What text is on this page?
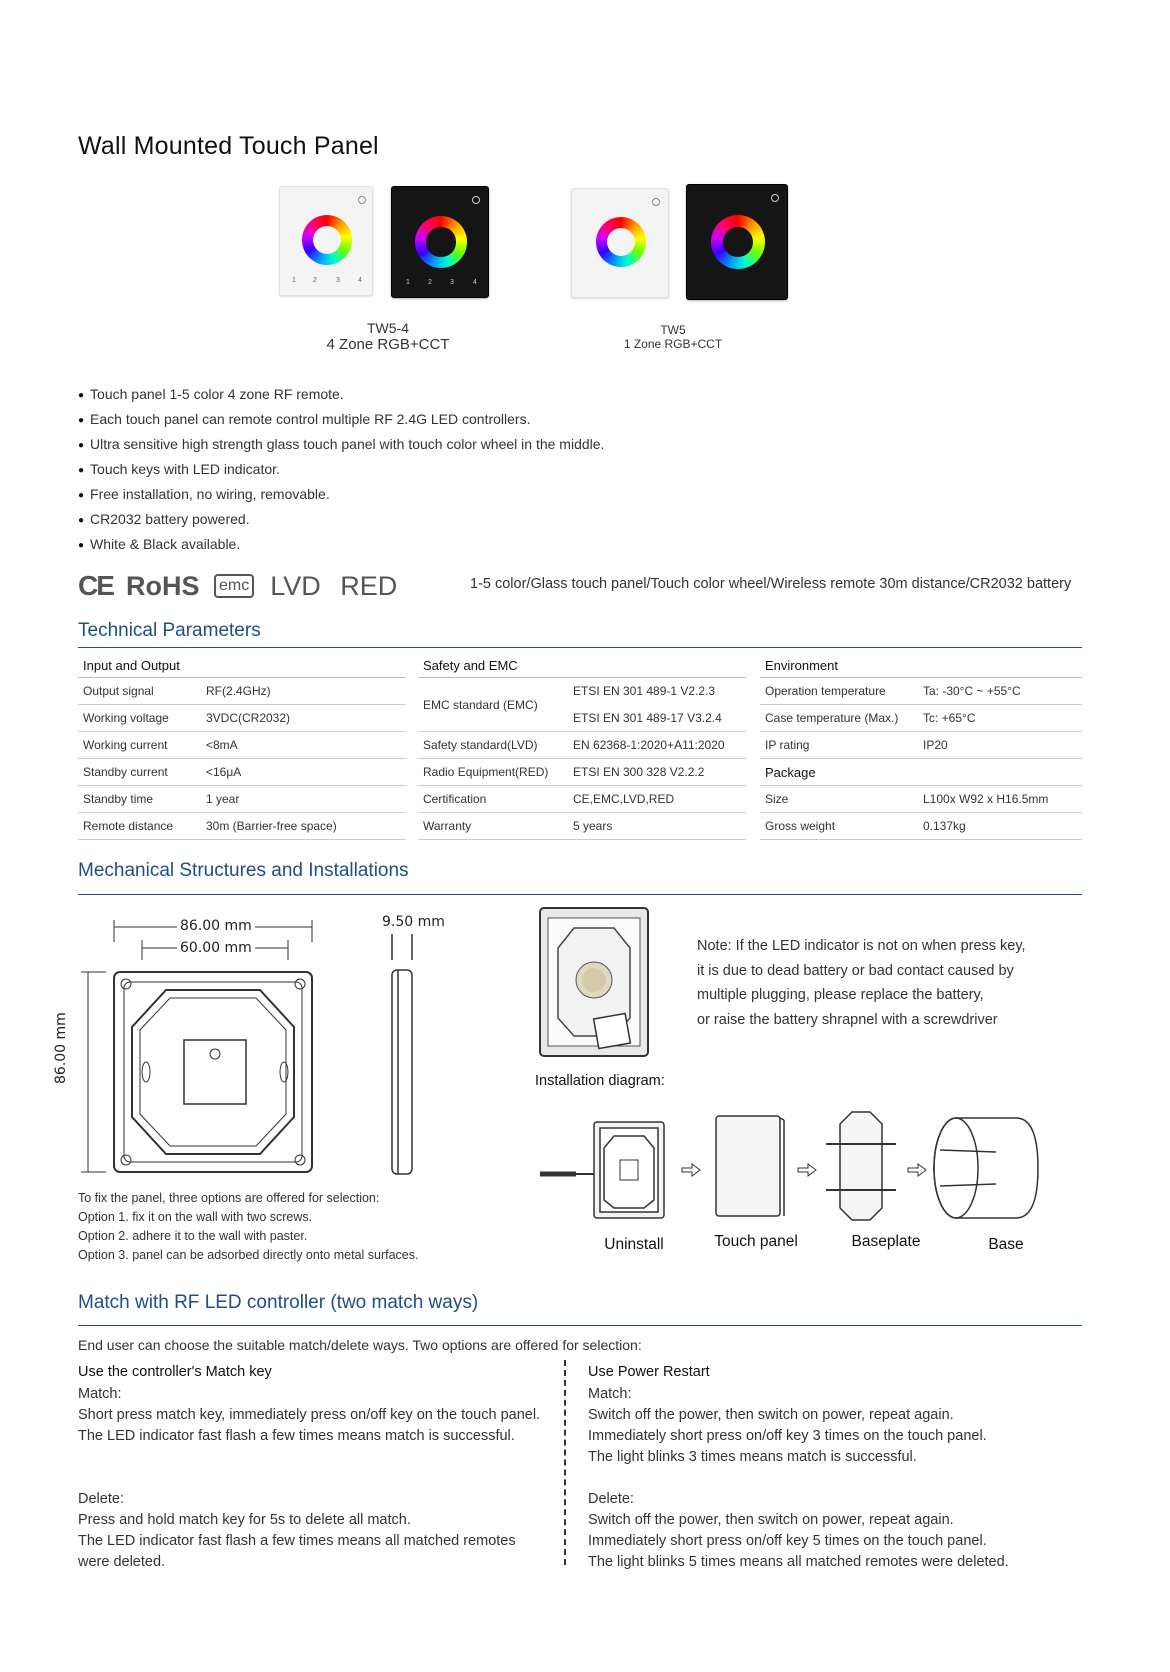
Wall Mounted Touch Panel
1 2	3	4	1	2	3	4
TW5-4
4 Zone RGB+CCT
TW5
1 Zone RGB+CCT
● Touch panel 1-5 color 4 zone RF remote.
● Each touch panel can remote control multiple RF 2.4G LED controllers.
● Ultra sensitive high strength glass touch panel with touch color wheel in the middle.
● Touch keys with LED indicator.
● Free installation, no wiring, removable.
● CR2032 battery powered.
● White & Black available.
CE RoHS	emc LVD RED	1-5 color/Glass touch panel/Touch color wheel/Wireless remote 30m distance/CR2032 battery
Technical Parameters
Input and Output
Output signal	RF(2.4GHz)
Working voltage	3VDC(CR2032)
Working current	<8mA
Standby current	<16μA
Standby time	1 year
Remote distance	30m (Barrier-free space)
Safety and EMC
EMC standard (EMC)
ETSI EN 301 489-1 V2.2.3
ETSI EN 301 489-17 V3.2.4
Safety standard(LVD)	EN 62368-1:2020+A11:2020
Radio Equipment(RED)	ETSI EN 300 328 V2.2.2
Certification	CE,EMC,LVD,RED
Warranty	5 years
Environment
Operation temperature	Ta: -30°C ~ +55°C
Case temperature (Max.)	Tc: +65°C
IP rating	IP20
Package
Size	L100x W92 x H16.5mm
Gross weight	0.137kg
Mechanical Structures and Installations
86.00 mm
60.00 mm
86.00 mm
9.50 mm
Note: If the LED indicator is not on when press key,
it is due to dead battery or bad contact caused by
multiple plugging, please replace the battery,
or raise the battery shrapnel with a screwdriver
Installation diagram:
Uninstall	Touch panel	Baseplate	Base
To fix the panel, three options are offered for selection:
Option 1. fix it on the wall with two screws.
Option 2. adhere it to the wall with paster.
Option 3. panel can be adsorbed directly onto metal surfaces.
Match with RF LED controller (two match ways)
End user can choose the suitable match/delete ways. Two options are offered for selection:
Use the controller's Match key
Match:
Short press match key, immediately press on/off key on the touch panel.
The LED indicator fast flash a few times means match is successful.
Delete:
Press and hold match key for 5s to delete all match.
The LED indicator fast flash a few times means all matched remotes
were deleted.
Use Power Restart
Match:
Switch off the power, then switch on power, repeat again.
Immediately short press on/off key 3 times on the touch panel.
The light blinks 3 times means match is successful.
Delete:
Switch off the power, then switch on power, repeat again.
Immediately short press on/off key 5 times on the touch panel.
The light blinks 5 times means all matched remotes were deleted.
